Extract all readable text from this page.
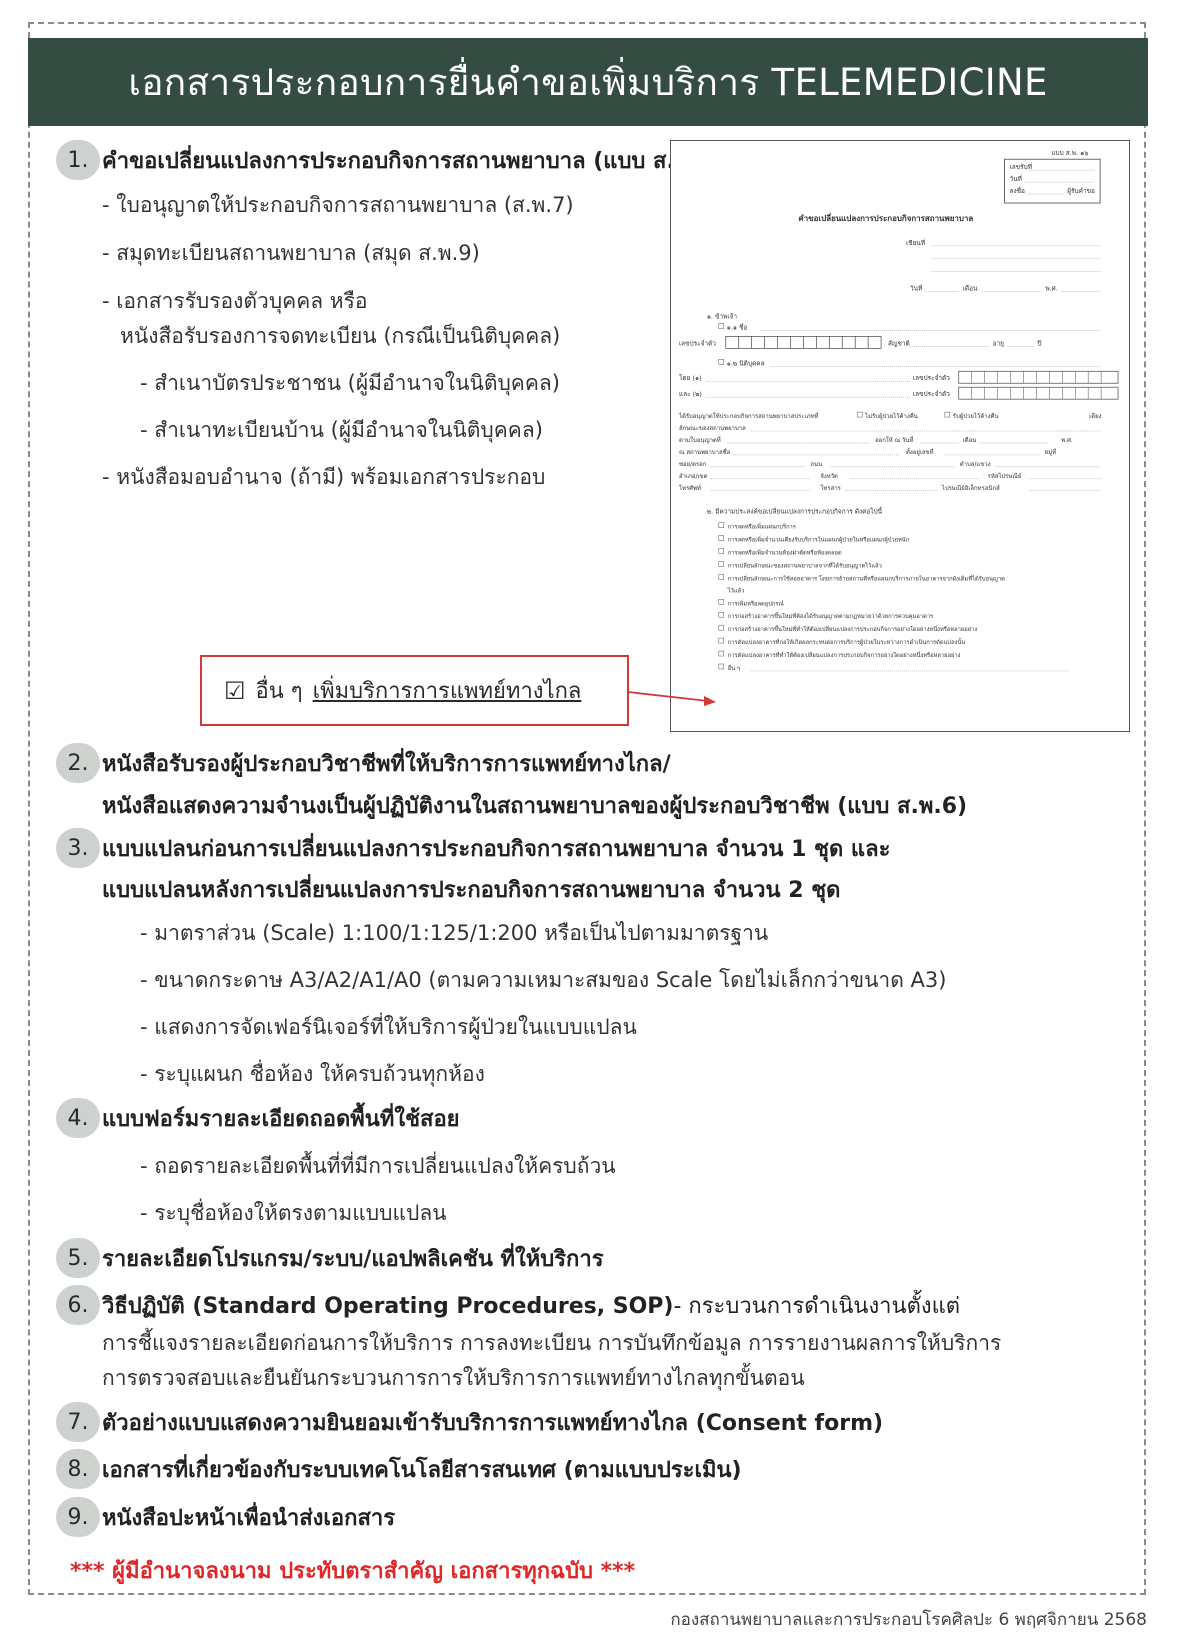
เอกสารประกอบการยื่นคำขอเพิ่มบริการ TELEMEDICINE
1. คำขอเปลี่ยนแปลงการประกอบกิจการสถานพยาบาล (แบบ ส.พ.16)
- ใบอนุญาตให้ประกอบกิจการสถานพยาบาล (ส.พ.7)
- สมุดทะเบียนสถานพยาบาล (สมุด ส.พ.9)
- เอกสารรับรองตัวบุคคล หรือ
หนังสือรับรองการจดทะเบียน (กรณีเป็นนิติบุคคล)
- สำเนาบัตรประชาชน (ผู้มีอำนาจในนิติบุคคล)
- สำเนาทะเบียนบ้าน (ผู้มีอำนาจในนิติบุคคล)
- หนังสือมอบอำนาจ (ถ้ามี) พร้อมเอกสารประกอบ
แบบ ส.พ. ๑๖
เลขรับที่
วันที่
ลงชื่อ	ผู้รับคำขอ
คำขอเปลี่ยนแปลงการประกอบกิจการสถานพยาบาล
เขียนที่
วันที่	เดือน	พ.ศ.
๑. ข้าพเจ้า
๑.๑ ชื่อ
เลขประจำตัว	สัญชาติ	อายุ	ปี
๑.๒ นิติบุคคล
โดย (๑)	เลขประจำตัว
และ (๒)	เลขประจำตัว
ได้รับอนุญาตให้ประกอบกิจการสถานพยาบาลประเภทที่	ไม่รับผู้ป่วยไว้ค้างคืน	รับผู้ป่วยไว้ค้างคืน	เตียง
ลักษณะของสถานพยาบาล
ตามใบอนุญาตที่	ออกให้ ณ วันที่	เดือน	พ.ศ.
ณ สถานพยาบาลชื่อ	ตั้งอยู่เลขที่	หมู่ที่
ซอย/ตรอก	ถนน	ตำบล/แขวง
อำเภอ/เขต	จังหวัด	รหัสไปรษณีย์
โทรศัพท์	โทรสาร	ไปรษณีย์อิเล็กทรอนิกส์
๒. มีความประสงค์ขอเปลี่ยนแปลงการประกอบกิจการ ดังต่อไปนี้
การลดหรือเพิ่มแผนกบริการ
การลดหรือเพิ่มจำนวนเตียงรับบริการในแผนกผู้ป่วยในหรือแผนกผู้ป่วยหนัก
การลดหรือเพิ่มจำนวนห้องผ่าตัดหรือห้องคลอด
การเปลี่ยนลักษณะของสถานพยาบาลจากที่ได้รับอนุญาตไว้แล้ว
การเปลี่ยนลักษณะการใช้สอยอาคาร โดยการย้ายสถานที่หรือแผนกบริการภายในอาคารจากผังเดิมที่ได้รับอนุญาต
ไว้แล้ว
การเพิ่มหรือลดอุปกรณ์
การก่อสร้างอาคารขึ้นใหม่ที่ต้องได้รับอนุญาตตามกฎหมายว่าด้วยการควบคุมอาคาร
การก่อสร้างอาคารขึ้นใหม่ที่ทำให้ต้องเปลี่ยนแปลงการประกอบกิจการอย่างใดอย่างหนึ่งหรือหลายอย่าง
การดัดแปลงอาคารที่ก่อให้เกิดผลกระทบต่อการบริการผู้ป่วยในระหว่างการดำเนินการดัดแปลงนั้น
การดัดแปลงอาคารที่ทำให้ต้องเปลี่ยนแปลงการประกอบกิจการอย่างใดอย่างหนึ่งหรือหลายอย่าง
อื่น ๆ
☑ อื่น ๆ เพิ่มบริการการแพทย์ทางไกล
2. หนังสือรับรองผู้ประกอบวิชาชีพที่ให้บริการการแพทย์ทางไกล/
หนังสือแสดงความจำนงเป็นผู้ปฏิบัติงานในสถานพยาบาลของผู้ประกอบวิชาชีพ (แบบ ส.พ.6)
3. แบบแปลนก่อนการเปลี่ยนแปลงการประกอบกิจการสถานพยาบาล จำนวน 1 ชุด และ
แบบแปลนหลังการเปลี่ยนแปลงการประกอบกิจการสถานพยาบาล จำนวน 2 ชุด
- มาตราส่วน (Scale) 1:100/1:125/1:200 หรือเป็นไปตามมาตรฐาน
- ขนาดกระดาษ A3/A2/A1/A0 (ตามความเหมาะสมของ Scale โดยไม่เล็กกว่าขนาด A3)
- แสดงการจัดเฟอร์นิเจอร์ที่ให้บริการผู้ป่วยในแบบแปลน
- ระบุแผนก ชื่อห้อง ให้ครบถ้วนทุกห้อง
4. แบบฟอร์มรายละเอียดถอดพื้นที่ใช้สอย
- ถอดรายละเอียดพื้นที่ที่มีการเปลี่ยนแปลงให้ครบถ้วน
- ระบุชื่อห้องให้ตรงตามแบบแปลน
5. รายละเอียดโปรแกรม/ระบบ/แอปพลิเคชัน ที่ให้บริการ
6. วิธีปฏิบัติ (Standard Operating Procedures, SOP) - กระบวนการดำเนินงานตั้งแต่
การชี้แจงรายละเอียดก่อนการให้บริการ การลงทะเบียน การบันทึกข้อมูล การรายงานผลการให้บริการ
การตรวจสอบและยืนยันกระบวนการการให้บริการการแพทย์ทางไกลทุกขั้นตอน
7. ตัวอย่างแบบแสดงความยินยอมเข้ารับบริการการแพทย์ทางไกล (Consent form)
8. เอกสารที่เกี่ยวข้องกับระบบเทคโนโลยีสารสนเทศ (ตามแบบประเมิน)
9. หนังสือปะหน้าเพื่อนำส่งเอกสาร
*** ผู้มีอำนาจลงนาม ประทับตราสำคัญ เอกสารทุกฉบับ ***
กองสถานพยาบาลและการประกอบโรคศิลปะ 6 พฤศจิกายน 2568
